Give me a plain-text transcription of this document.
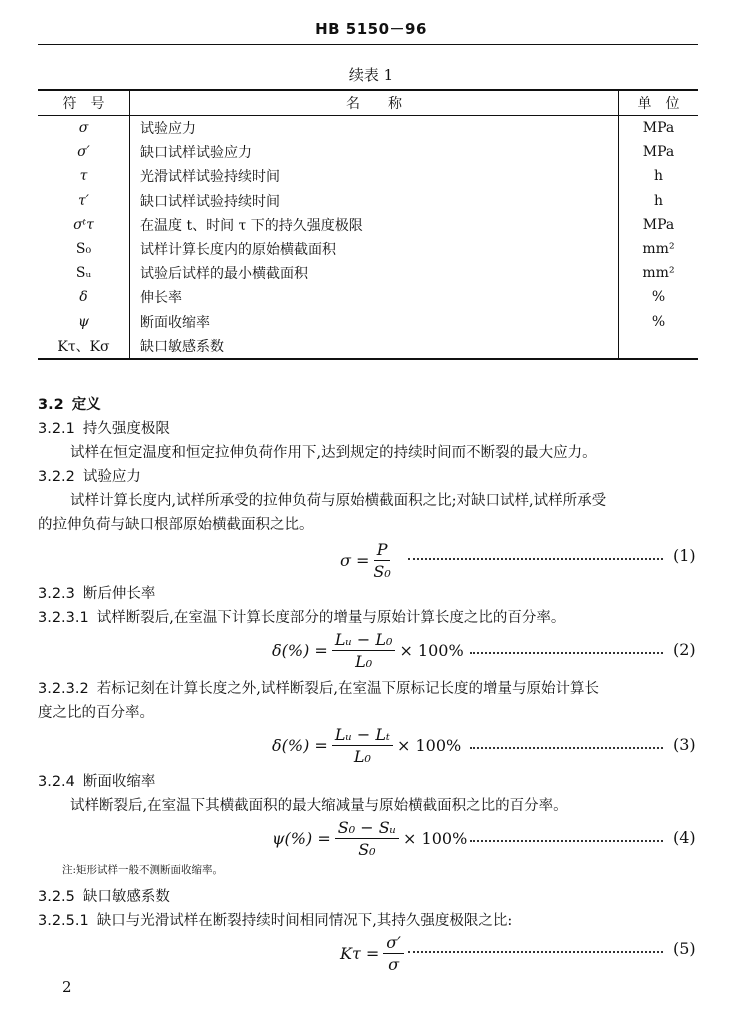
HB 5150－96
续表 1
符　号	名　　称	单　位
σ	试验应力	MPa
σ′	缺口试样试验应力	MPa
τ	光滑试样试验持续时间	h
τ′	缺口试样试验持续时间	h
σᵗτ	在温度 t、时间 τ 下的持久强度极限	MPa
S₀	试样计算长度内的原始横截面积	mm²
Sᵤ	试验后试样的最小横截面积	mm²
δ	伸长率	%
ψ	断面收缩率	%
Kτ、Kσ	缺口敏感系数	
3.2 定义
3.2.1 持久强度极限
试样在恒定温度和恒定拉伸负荷作用下,达到规定的持续时间而不断裂的最大应力。
3.2.2 试验应力
试样计算长度内,试样所承受的拉伸负荷与原始横截面积之比;对缺口试样,试样所承受
的拉伸负荷与缺口根部原始横截面积之比。
$\sigma = \frac{P}{\text{S₀}}$	(1)
3.2.3 断后伸长率
3.2.3.1 试样断裂后,在室温下计算长度部分的增量与原始计算长度之比的百分率。
$\delta(\%) = \frac{\text{Lᵤ − L₀}}{\text{L₀}} \times 100\%$	(2)
3.2.3.2 若标记刻在计算长度之外,试样断裂后,在室温下原标记长度的增量与原始计算长
度之比的百分率。
$\delta(\%) = \frac{\text{Lᵤ − Lₜ}}{\text{L₀}} \times 100\%$	(3)
3.2.4 断面收缩率
试样断裂后,在室温下其横截面积的最大缩减量与原始横截面积之比的百分率。
$\psi(\%) = \frac{\text{S₀ − Sᵤ}}{\text{S₀}} \times 100\%$	(4)
注:矩形试样一般不测断面收缩率。
3.2.5 缺口敏感系数
3.2.5.1 缺口与光滑试样在断裂持续时间相同情况下,其持久强度极限之比:
$K\tau = \frac{\sigma'}{\sigma}$	(5)
2
